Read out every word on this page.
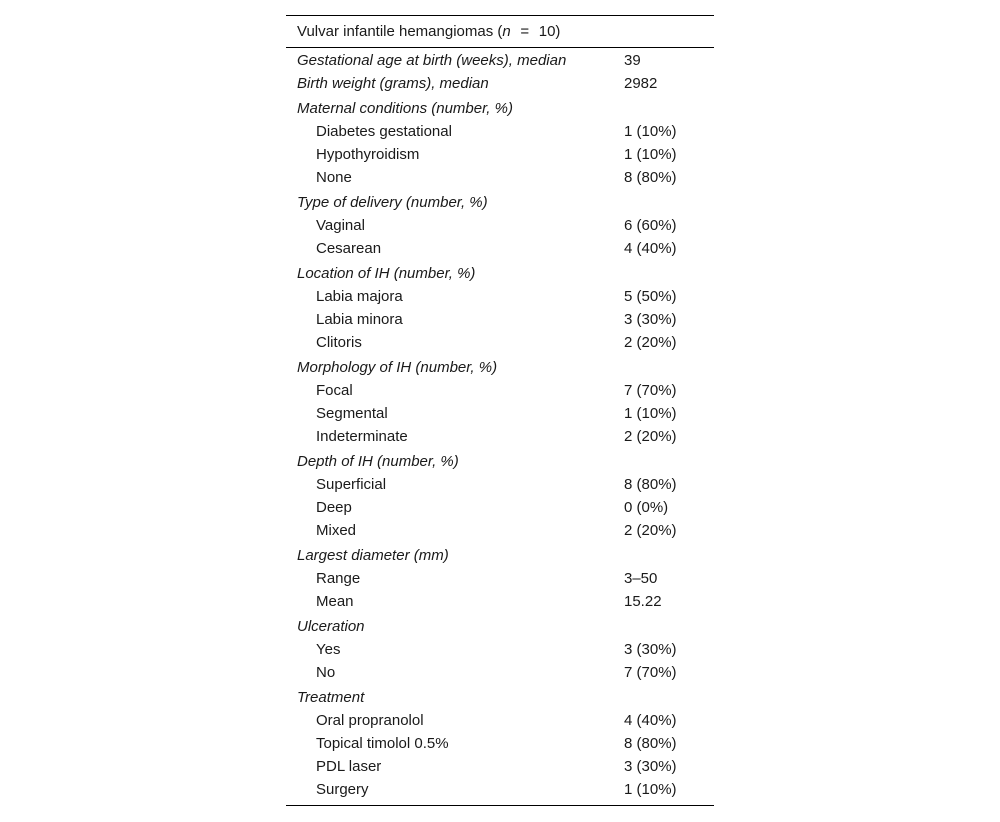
Vulvar infantile hemangiomas ( n = 10 )
Gestational age at birth (weeks), median	39
Birth weight (grams), median	2982
Maternal conditions (number, %)
Diabetes gestational	1 (10%)
Hypothyroidism	1 (10%)
None	8 (80%)
Type of delivery (number, %)
Vaginal	6 (60%)
Cesarean	4 (40%)
Location of IH (number, %)
Labia majora	5 (50%)
Labia minora	3 (30%)
Clitoris	2 (20%)
Morphology of IH (number, %)
Focal	7 (70%)
Segmental	1 (10%)
Indeterminate	2 (20%)
Depth of IH (number, %)
Superficial	8 (80%)
Deep	0 (0%)
Mixed	2 (20%)
Largest diameter (mm)
Range	3–50
Mean	15.22
Ulceration
Yes	3 (30%)
No	7 (70%)
Treatment
Oral propranolol	4 (40%)
Topical timolol 0.5%	8 (80%)
PDL laser	3 (30%)
Surgery	1 (10%)
